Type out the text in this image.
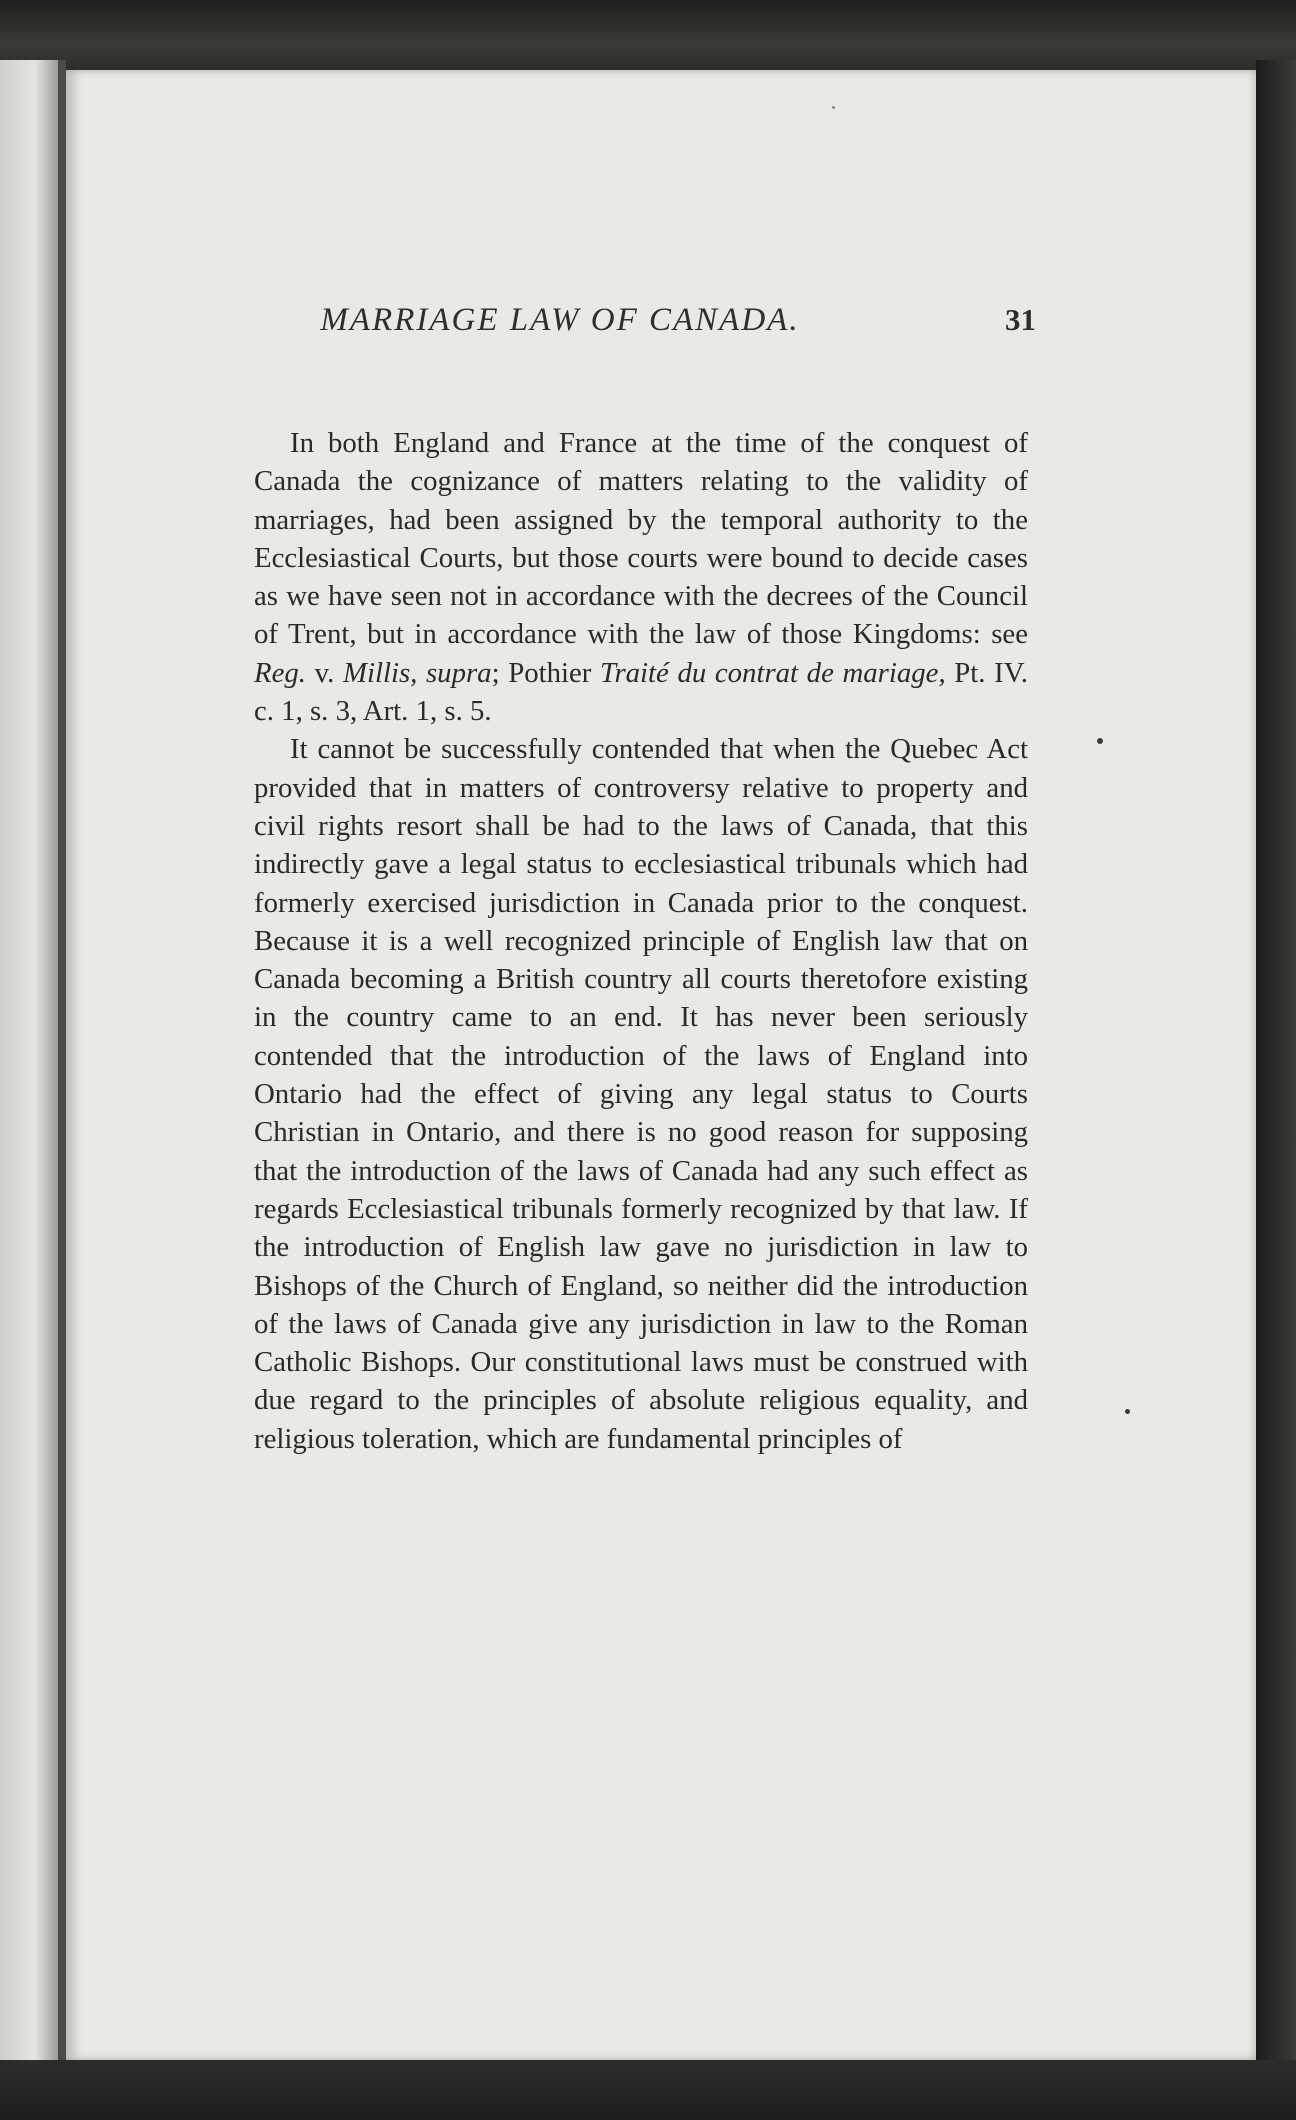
MARRIAGE LAW OF CANADA.	31

In both England and France at the time of the conquest of Canada the cognizance of matters relating to the validity of marriages, had been assigned by the temporal authority to the Ecclesiastical Courts, but those courts were bound to decide cases as we have seen not in accordance with the decrees of the Council of Trent, but in accordance with the law of those Kingdoms: see Reg. v. Millis, supra; Pothier Traité du contrat de mariage, Pt. IV. c. 1, s. 3, Art. 1, s. 5.

It cannot be successfully contended that when the Quebec Act provided that in matters of controversy relative to property and civil rights resort shall be had to the laws of Canada, that this indirectly gave a legal status to ecclesiastical tribunals which had formerly exercised jurisdiction in Canada prior to the conquest. Because it is a well recognized principle of English law that on Canada becoming a British country all courts theretofore existing in the country came to an end. It has never been seriously contended that the introduction of the laws of England into Ontario had the effect of giving any legal status to Courts Christian in Ontario, and there is no good reason for supposing that the introduction of the laws of Canada had any such effect as regards Ecclesiastical tribunals formerly recognized by that law. If the introduction of English law gave no jurisdiction in law to Bishops of the Church of England, so neither did the introduction of the laws of Canada give any jurisdiction in law to the Roman Catholic Bishops. Our constitutional laws must be construed with due regard to the principles of absolute religious equality, and religious toleration, which are fundamental principles of
